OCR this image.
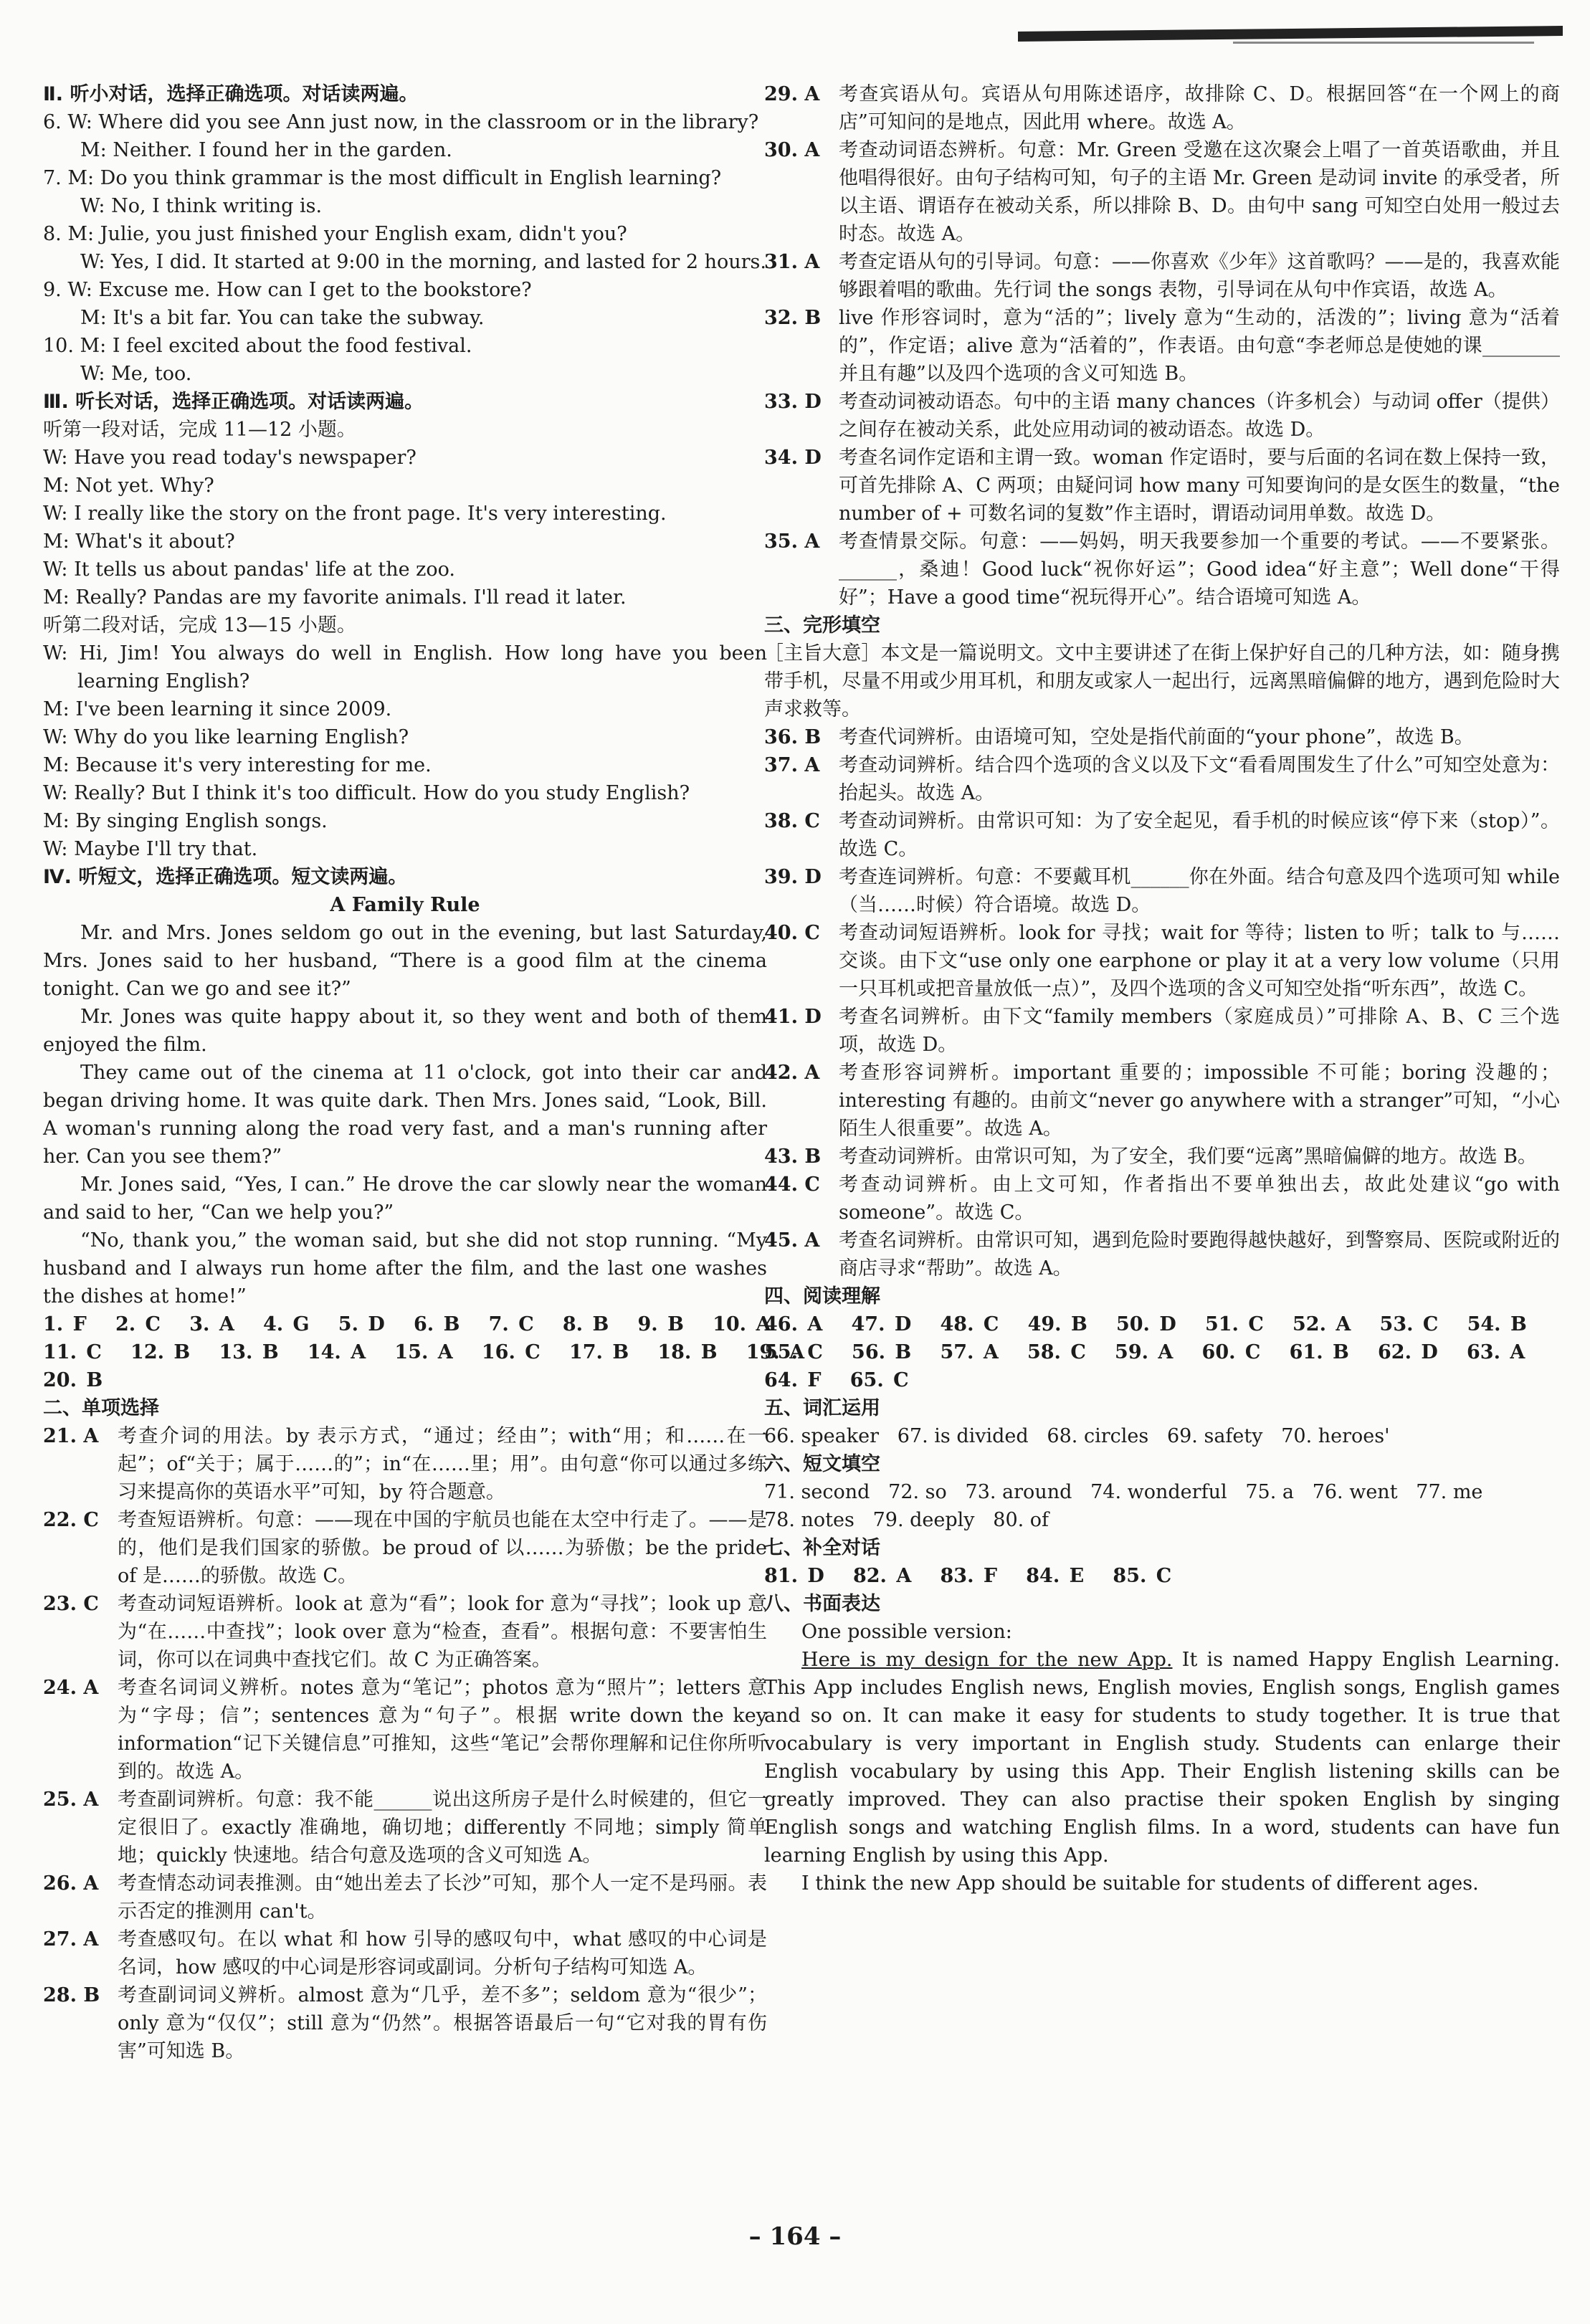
Ⅱ. 听小对话，选择正确选项。对话读两遍。

6. W: Where did you see Ann just now, in the classroom or in the library?

M: Neither. I found her in the garden.

7. M: Do you think grammar is the most difficult in English learning?

W: No, I think writing is.

8. M: Julie, you just finished your English exam, didn't you?

W: Yes, I did. It started at 9:00 in the morning, and lasted for 2 hours.

9. W: Excuse me. How can I get to the bookstore?

M: It's a bit far. You can take the subway.

10. M: I feel excited about the food festival.

W: Me, too.

Ⅲ. 听长对话，选择正确选项。对话读两遍。

听第一段对话，完成 11—12 小题。

W: Have you read today's newspaper?

M: Not yet. Why?

W: I really like the story on the front page. It's very interesting.

M: What's it about?

W: It tells us about pandas' life at the zoo.

M: Really? Pandas are my favorite animals. I'll read it later.

听第二段对话，完成 13—15 小题。

W: Hi, Jim! You always do well in English. How long have you been learning English?

M: I've been learning it since 2009.

W: Why do you like learning English?

M: Because it's very interesting for me.

W: Really? But I think it's too difficult. How do you study English?

M: By singing English songs.

W: Maybe I'll try that.

Ⅳ. 听短文，选择正确选项。短文读两遍。

A Family Rule

Mr. and Mrs. Jones seldom go out in the evening, but last Saturday, Mrs. Jones said to her husband, “There is a good film at the cinema tonight. Can we go and see it?”

Mr. Jones was quite happy about it, so they went and both of them enjoyed the film.

They came out of the cinema at 11 o'clock, got into their car and began driving home. It was quite dark. Then Mrs. Jones said, “Look, Bill. A woman's running along the road very fast, and a man's running after her. Can you see them?”

Mr. Jones said, “Yes, I can.” He drove the car slowly near the woman and said to her, “Can we help you?”

“No, thank you,” the woman said, but she did not stop running. “My husband and I always run home after the film, and the last one washes the dishes at home!”

1. F   2. C   3. A   4. G   5. D   6. B   7. C   8. B   9. B   10. A

11. C   12. B   13. B   14. A   15. A   16. C   17. B   18. B   19. A

20. B

二、单项选择

21. A 考查介词的用法。by 表示方式，“通过；经由”；with“用；和……在一起”；of“关于；属于……的”；in“在……里；用”。由句意“你可以通过多练习来提高你的英语水平”可知，by 符合题意。
22. C 考查短语辨析。句意：——现在中国的宇航员也能在太空中行走了。——是的，他们是我们国家的骄傲。be proud of 以……为骄傲；be the pride of 是……的骄傲。故选 C。
23. C 考查动词短语辨析。look at 意为“看”；look for 意为“寻找”；look up 意为“在……中查找”；look over 意为“检查，查看”。根据句意：不要害怕生词，你可以在词典中查找它们。故 C 为正确答案。
24. A 考查名词词义辨析。notes 意为“笔记”；photos 意为“照片”；letters 意为“字母；信”；sentences 意为“句子”。根据 write down the key information“记下关键信息”可推知，这些“笔记”会帮你理解和记住你所听到的。故选 A。
25. A 考查副词辨析。句意：我不能______说出这所房子是什么时候建的，但它一定很旧了。exactly 准确地，确切地；differently 不同地；simply 简单地；quickly 快速地。结合句意及选项的含义可知选 A。
26. A 考查情态动词表推测。由“她出差去了长沙”可知，那个人一定不是玛丽。表示否定的推测用 can't。
27. A 考查感叹句。在以 what 和 how 引导的感叹句中，what 感叹的中心词是名词，how 感叹的中心词是形容词或副词。分析句子结构可知选 A。
28. B 考查副词词义辨析。almost 意为“几乎，差不多”；seldom 意为“很少”；only 意为“仅仅”；still 意为“仍然”。根据答语最后一句“它对我的胃有伤害”可知选 B。
29. A 考查宾语从句。宾语从句用陈述语序，故排除 C、D。根据回答“在一个网上的商店”可知问的是地点，因此用 where。故选 A。
30. A 考查动词语态辨析。句意：Mr. Green 受邀在这次聚会上唱了一首英语歌曲，并且他唱得很好。由句子结构可知，句子的主语 Mr. Green 是动词 invite 的承受者，所以主语、谓语存在被动关系，所以排除 B、D。由句中 sang 可知空白处用一般过去时态。故选 A。
31. A 考查定语从句的引导词。句意：——你喜欢《少年》这首歌吗？——是的，我喜欢能够跟着唱的歌曲。先行词 the songs 表物，引导词在从句中作宾语，故选 A。
32. B live 作形容词时，意为“活的”；lively 意为“生动的，活泼的”；living 意为“活着的”，作定语；alive 意为“活着的”，作表语。由句意“李老师总是使她的课________并且有趣”以及四个选项的含义可知选 B。
33. D 考查动词被动语态。句中的主语 many chances（许多机会）与动词 offer（提供）之间存在被动关系，此处应用动词的被动语态。故选 D。
34. D 考查名词作定语和主谓一致。woman 作定语时，要与后面的名词在数上保持一致，可首先排除 A、C 两项；由疑问词 how many 可知要询问的是女医生的数量，“the number of + 可数名词的复数”作主语时，谓语动词用单数。故选 D。
35. A 考查情景交际。句意：——妈妈，明天我要参加一个重要的考试。——不要紧张。______，桑迪！Good luck“祝你好运”；Good idea“好主意”；Well done“干得好”；Have a good time“祝玩得开心”。结合语境可知选 A。

三、完形填空

［主旨大意］本文是一篇说明文。文中主要讲述了在街上保护好自己的几种方法，如：随身携带手机，尽量不用或少用耳机，和朋友或家人一起出行，远离黑暗偏僻的地方，遇到危险时大声求救等。

36. B 考查代词辨析。由语境可知，空处是指代前面的“your phone”，故选 B。
37. A 考查动词辨析。结合四个选项的含义以及下文“看看周围发生了什么”可知空处意为：抬起头。故选 A。
38. C 考查动词辨析。由常识可知：为了安全起见，看手机的时候应该“停下来（stop）”。故选 C。
39. D 考查连词辨析。句意：不要戴耳机______你在外面。结合句意及四个选项可知 while（当……时候）符合语境。故选 D。
40. C 考查动词短语辨析。look for 寻找；wait for 等待；listen to 听；talk to 与……交谈。由下文“use only one earphone or play it at a very low volume（只用一只耳机或把音量放低一点）”，及四个选项的含义可知空处指“听东西”，故选 C。
41. D 考查名词辨析。由下文“family members（家庭成员）”可排除 A、B、C 三个选项，故选 D。
42. A 考查形容词辨析。important 重要的；impossible 不可能；boring 没趣的；interesting 有趣的。由前文“never go anywhere with a stranger”可知，“小心陌生人很重要”。故选 A。
43. B 考查动词辨析。由常识可知，为了安全，我们要“远离”黑暗偏僻的地方。故选 B。
44. C 考查动词辨析。由上文可知，作者指出不要单独出去，故此处建议“go with someone”。故选 C。
45. A 考查名词辨析。由常识可知，遇到危险时要跑得越快越好，到警察局、医院或附近的商店寻求“帮助”。故选 A。

四、阅读理解

46. A   47. D   48. C   49. B   50. D   51. C   52. A   53. C   54. B

55. C   56. B   57. A   58. C   59. A   60. C   61. B   62. D   63. A

64. F   65. C

五、词汇运用

66. speaker   67. is divided   68. circles   69. safety   70. heroes'

六、短文填空

71. second   72. so   73. around   74. wonderful   75. a   76. went   77. me

78. notes   79. deeply   80. of

七、补全对话

81. D   82. A   83. F   84. E   85. C

八、书面表达

One possible version:

Here is my design for the new App. It is named Happy English Learning. This App includes English news, English movies, English songs, English games and so on. It can make it easy for students to study together. It is true that vocabulary is very important in English study. Students can enlarge their English vocabulary by using this App. Their English listening skills can be greatly improved. They can also practise their spoken English by singing English songs and watching English films. In a word, students can have fun learning English by using this App.

I think the new App should be suitable for students of different ages.

– 164 –
